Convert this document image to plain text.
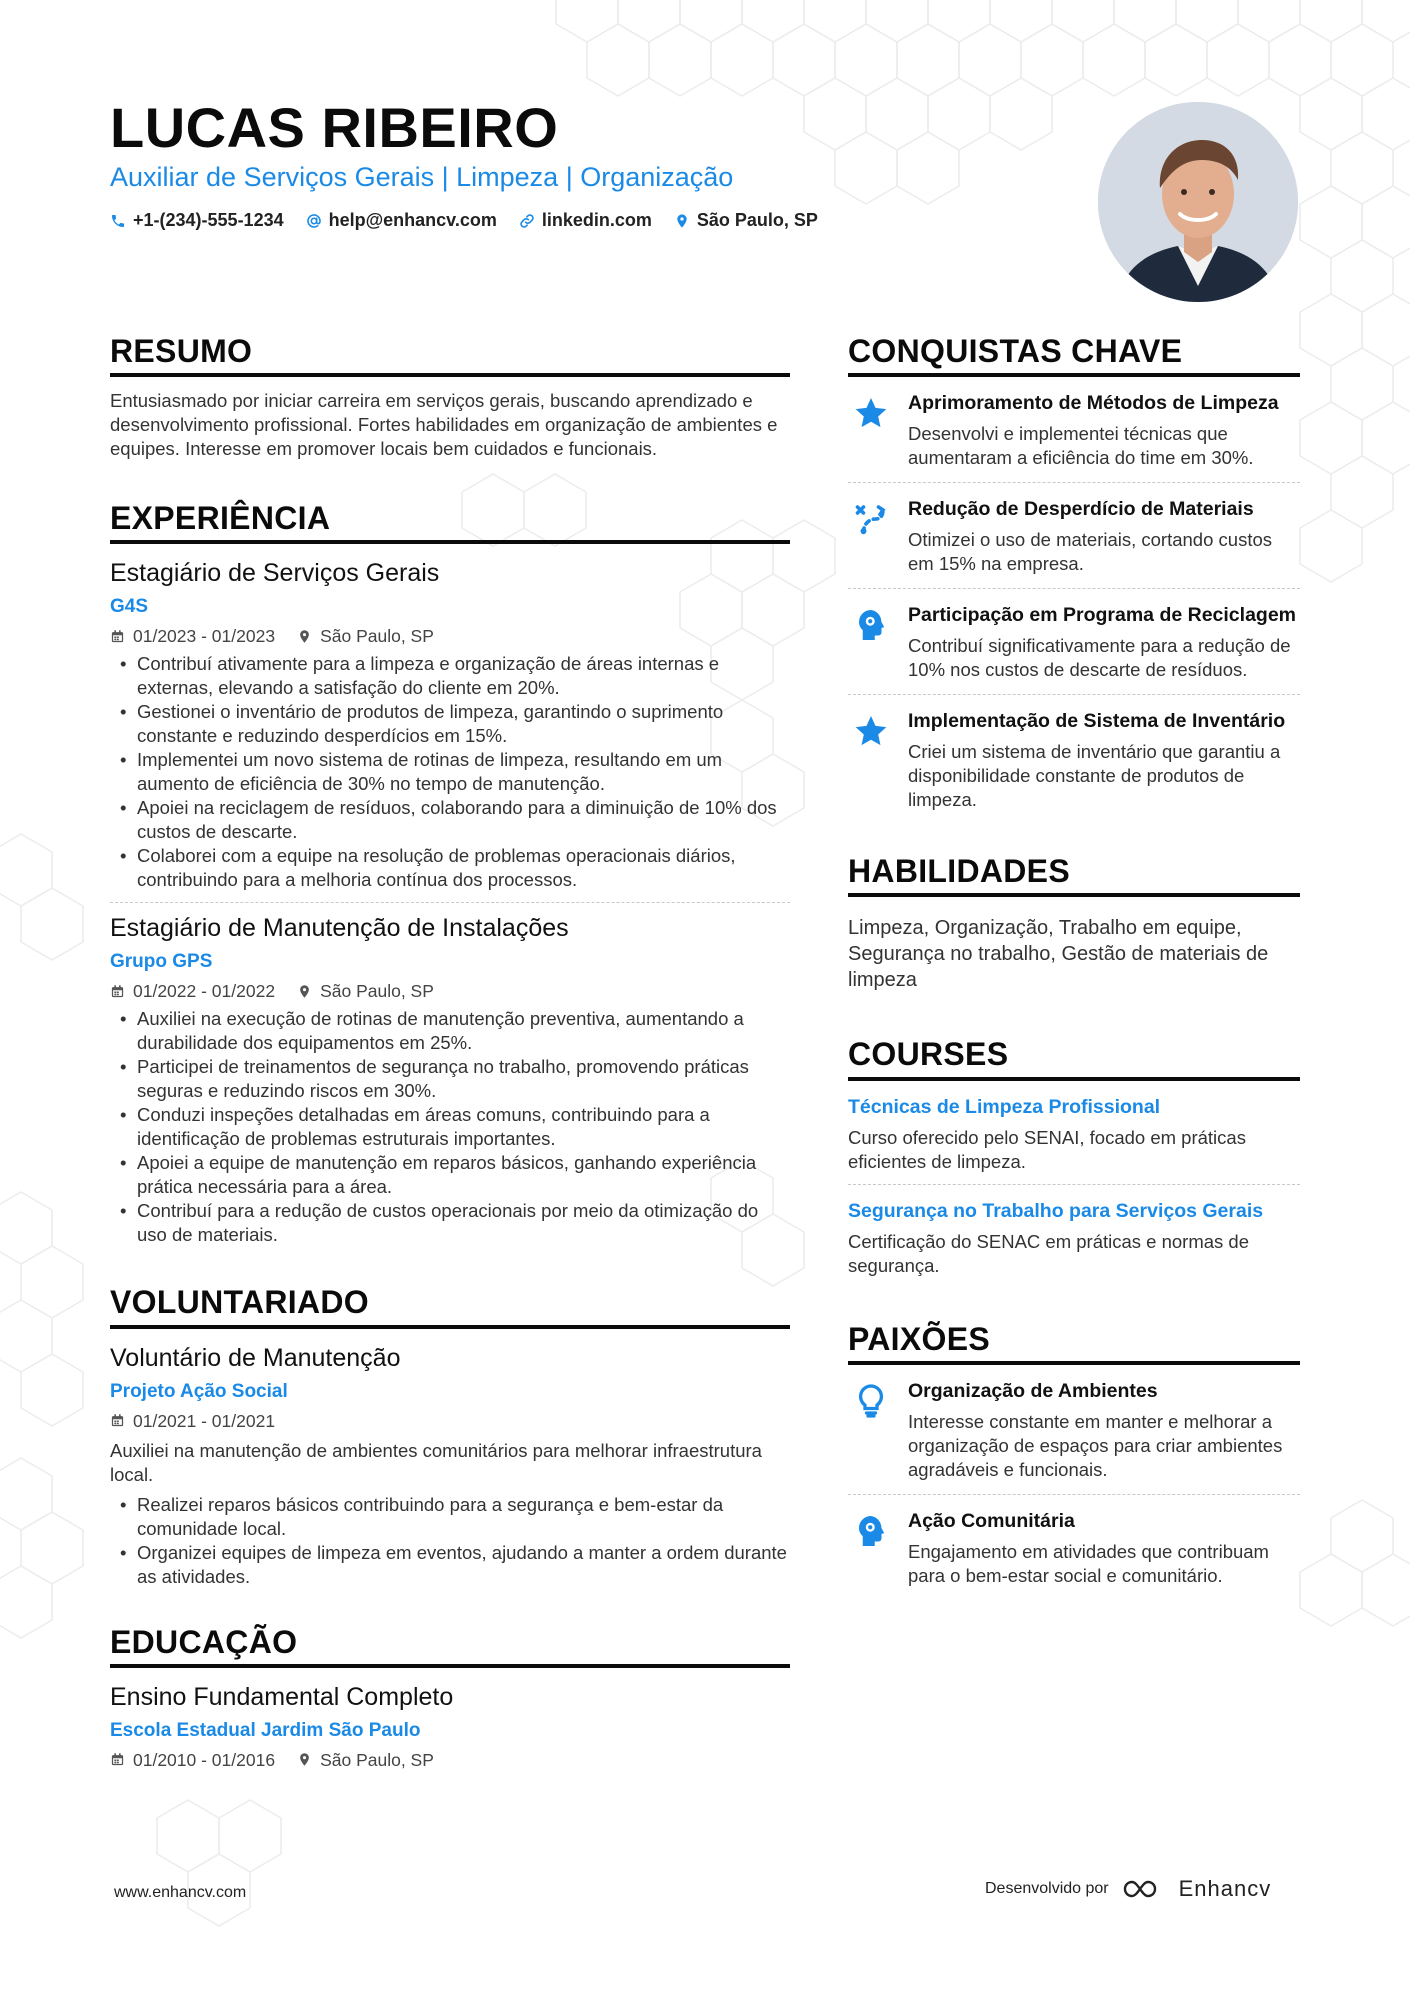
LUCAS RIBEIRO
Auxiliar de Serviços Gerais | Limpeza | Organização
+1-(234)-555-1234	help@enhancv.com	linkedin.com	São Paulo, SP
RESUMO

Entusiasmado por iniciar carreira em serviços gerais, buscando aprendizado e desenvolvimento profissional. Fortes habilidades em organização de ambientes e equipes. Interesse em promover locais bem cuidados e funcionais.

EXPERIÊNCIA
Estagiário de Serviços Gerais
G4S
01/2023 - 01/2023	São Paulo, SP
• Contribuí ativamente para a limpeza e organização de áreas internas e externas, elevando a satisfação do cliente em 20%.
• Gestionei o inventário de produtos de limpeza, garantindo o suprimento constante e reduzindo desperdícios em 15%.
• Implementei um novo sistema de rotinas de limpeza, resultando em um aumento de eficiência de 30% no tempo de manutenção.
• Apoiei na reciclagem de resíduos, colaborando para a diminuição de 10% dos custos de descarte.
• Colaborei com a equipe na resolução de problemas operacionais diários, contribuindo para a melhoria contínua dos processos.
Estagiário de Manutenção de Instalações
Grupo GPS
01/2022 - 01/2022	São Paulo, SP
• Auxiliei na execução de rotinas de manutenção preventiva, aumentando a durabilidade dos equipamentos em 25%.
• Participei de treinamentos de segurança no trabalho, promovendo práticas seguras e reduzindo riscos em 30%.
• Conduzi inspeções detalhadas em áreas comuns, contribuindo para a identificação de problemas estruturais importantes.
• Apoiei a equipe de manutenção em reparos básicos, ganhando experiência prática necessária para a área.
• Contribuí para a redução de custos operacionais por meio da otimização do uso de materiais.
VOLUNTARIADO
Voluntário de Manutenção
Projeto Ação Social
01/2021 - 01/2021

Auxiliei na manutenção de ambientes comunitários para melhorar infraestrutura local.

• Realizei reparos básicos contribuindo para a segurança e bem-estar da comunidade local.
• Organizei equipes de limpeza em eventos, ajudando a manter a ordem durante as atividades.
EDUCAÇÃO
Ensino Fundamental Completo
Escola Estadual Jardim São Paulo
01/2010 - 01/2016	São Paulo, SP
CONQUISTAS CHAVE
Aprimoramento de Métodos de Limpeza
Desenvolvi e implementei técnicas que aumentaram a eficiência do time em 30%.
Redução de Desperdício de Materiais
Otimizei o uso de materiais, cortando custos em 15% na empresa.
Participação em Programa de Reciclagem
Contribuí significativamente para a redução de 10% nos custos de descarte de resíduos.
Implementação de Sistema de Inventário
Criei um sistema de inventário que garantiu a disponibilidade constante de produtos de limpeza.
HABILIDADES

Limpeza, Organização, Trabalho em equipe, Segurança no trabalho, Gestão de materiais de limpeza

COURSES
Técnicas de Limpeza Profissional
Curso oferecido pelo SENAI, focado em práticas eficientes de limpeza.
Segurança no Trabalho para Serviços Gerais
Certificação do SENAC em práticas e normas de segurança.
PAIXÕES
Organização de Ambientes
Interesse constante em manter e melhorar a organização de espaços para criar ambientes agradáveis e funcionais.
Ação Comunitária
Engajamento em atividades que contribuam para o bem-estar social e comunitário.
www.enhancv.com	Desenvolvido por	Enhancv
